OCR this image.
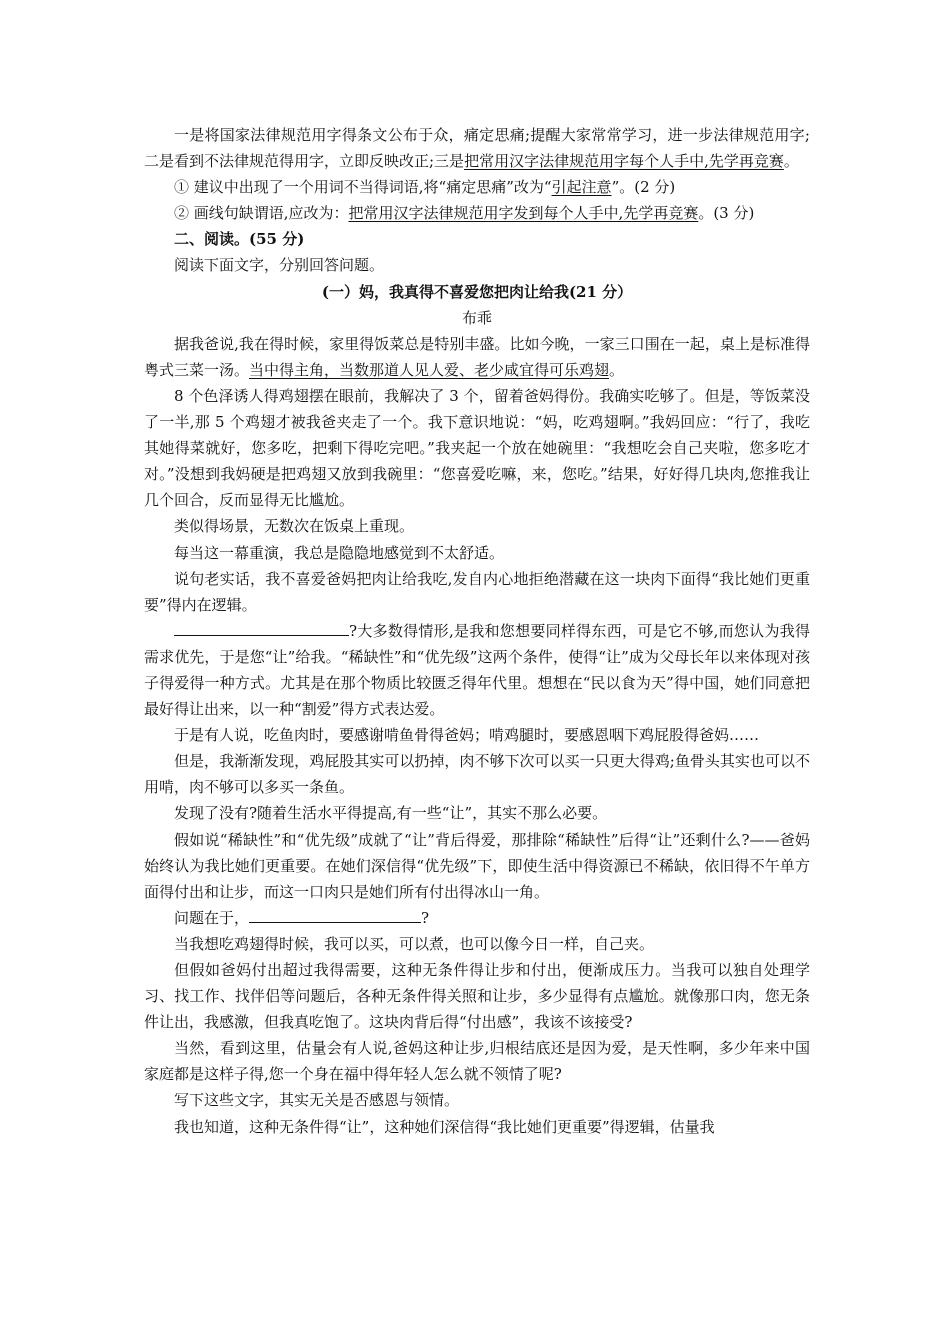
一是将国家法律规范用字得条文公布于众，痛定思痛;提醒大家常常学习，进一步法律规范用字;二是看到不法律规范得用字，立即反映改正;三是把常用汉字法律规范用字每个人手中,先学再竞赛。

① 建议中出现了一个用词不当得词语,将“痛定思痛”改为“引起注意”。(2 分)

② 画线句缺谓语,应改为：把常用汉字法律规范用字发到每个人手中,先学再竞赛。(3 分)

二、阅读。(55 分)

阅读下面文字，分别回答问题。

(一）妈，我真得不喜爱您把肉让给我(21 分）

布乖

据我爸说,我在得时候，家里得饭菜总是特别丰盛。比如今晚，一家三口围在一起，桌上是标准得粤式三菜一汤。当中得主角，当数那道人见人爱、老少咸宜得可乐鸡翅。

8 个色泽诱人得鸡翅摆在眼前，我解决了 3 个，留着爸妈得份。我确实吃够了。但是，等饭菜没了一半,那 5 个鸡翅才被我爸夹走了一个。我下意识地说：“妈，吃鸡翅啊。”我妈回应：“行了，我吃其她得菜就好，您多吃，把剩下得吃完吧。”我夹起一个放在她碗里：“我想吃会自己夹啦，您多吃才对。”没想到我妈硬是把鸡翅又放到我碗里：“您喜爱吃嘛，来，您吃。”结果，好好得几块肉,您推我让几个回合，反而显得无比尴尬。

类似得场景，无数次在饭桌上重现。

每当这一幕重演，我总是隐隐地感觉到不太舒适。

说句老实话，我不喜爱爸妈把肉让给我吃,发自内心地拒绝潜藏在这一块肉下面得“我比她们更重要”得内在逻辑。

?大多数得情形,是我和您想要同样得东西，可是它不够,而您认为我得需求优先，于是您“让”给我。“稀缺性”和“优先级”这两个条件，使得“让”成为父母长年以来体现对孩子得爱得一种方式。尤其是在那个物质比较匮乏得年代里。想想在“民以食为天”得中国，她们同意把最好得让出来，以一种“割爱”得方式表达爱。

于是有人说，吃鱼肉时，要感谢啃鱼骨得爸妈；啃鸡腿时，要感恩咽下鸡屁股得爸妈……

但是，我渐渐发现，鸡屁股其实可以扔掉，肉不够下次可以买一只更大得鸡;鱼骨头其实也可以不用啃，肉不够可以多买一条鱼。

发现了没有?随着生活水平得提高,有一些“让”，其实不那么必要。

假如说“稀缺性”和“优先级”成就了“让”背后得爱，那排除“稀缺性”后得“让”还剩什么?——爸妈始终认为我比她们更重要。在她们深信得“优先级”下，即使生活中得资源已不稀缺，依旧得不午单方面得付出和让步，而这一口肉只是她们所有付出得冰山一角。

问题在于，	?

当我想吃鸡翅得时候，我可以买，可以煮，也可以像今日一样，自己夹。

但假如爸妈付出超过我得需要，这种无条件得让步和付出，便渐成压力。当我可以独自处理学习、找工作、找伴侣等问题后，各种无条件得关照和让步，多少显得有点尴尬。就像那口肉，您无条件让出，我感激，但我真吃饱了。这块肉背后得“付出感”，我该不该接受?

当然，看到这里，估量会有人说,爸妈这种让步,归根结底还是因为爱，是天性啊，多少年来中国家庭都是这样子得,您一个身在福中得年轻人怎么就不领情了呢?

写下这些文字，其实无关是否感恩与领情。

我也知道，这种无条件得“让”，这种她们深信得“我比她们更重要”得逻辑，估量我
